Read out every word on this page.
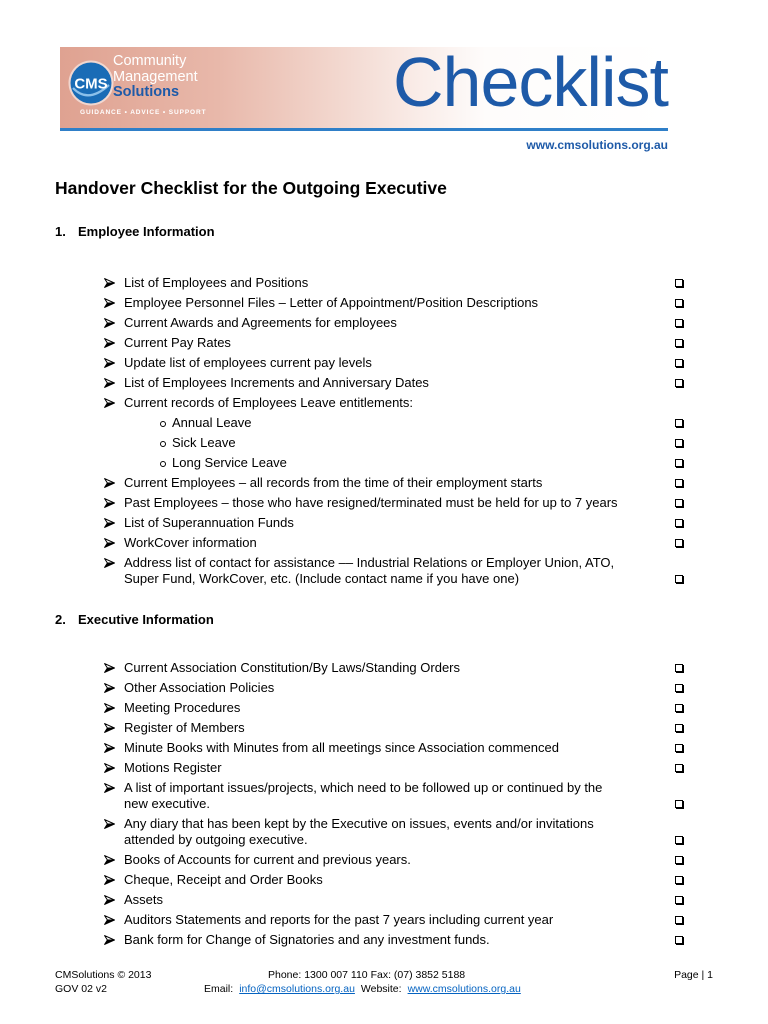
CMS
Community
Management
Solutions
GUIDANCE • ADVICE • SUPPORT	Checklist
www.cmsolutions.org.au
Handover Checklist for the Outgoing Executive
1. Employee Information
List of Employees and Positions
Employee Personnel Files – Letter of Appointment/Position Descriptions
Current Awards and Agreements for employees
Current Pay Rates
Update list of employees current pay levels
List of Employees Increments and Anniversary Dates
Current records of Employees Leave entitlements:
Annual Leave
Sick Leave
Long Service Leave
Current Employees – all records from the time of their employment starts
Past Employees – those who have resigned/terminated must be held for up to 7 years
List of Superannuation Funds
WorkCover information
Address list of contact for assistance –– Industrial Relations or Employer Union, ATO,
Super Fund, WorkCover, etc. (Include contact name if you have one)
2. Executive Information
Current Association Constitution/By Laws/Standing Orders
Other Association Policies
Meeting Procedures
Register of Members
Minute Books with Minutes from all meetings since Association commenced
Motions Register
A list of important issues/projects, which need to be followed up or continued by the
new executive.
Any diary that has been kept by the Executive on issues, events and/or invitations
attended by outgoing executive.
Books of Accounts for current and previous years.
Cheque, Receipt and Order Books
Assets
Auditors Statements and reports for the past 7 years including current year
Bank form for Change of Signatories and any investment funds.
CMSolutions © 2013	Phone: 1300 007 110 Fax: (07) 3852 5188	Page | 1
GOV 02 v2	Email: info@cmsolutions.org.au Website: www.cmsolutions.org.au
